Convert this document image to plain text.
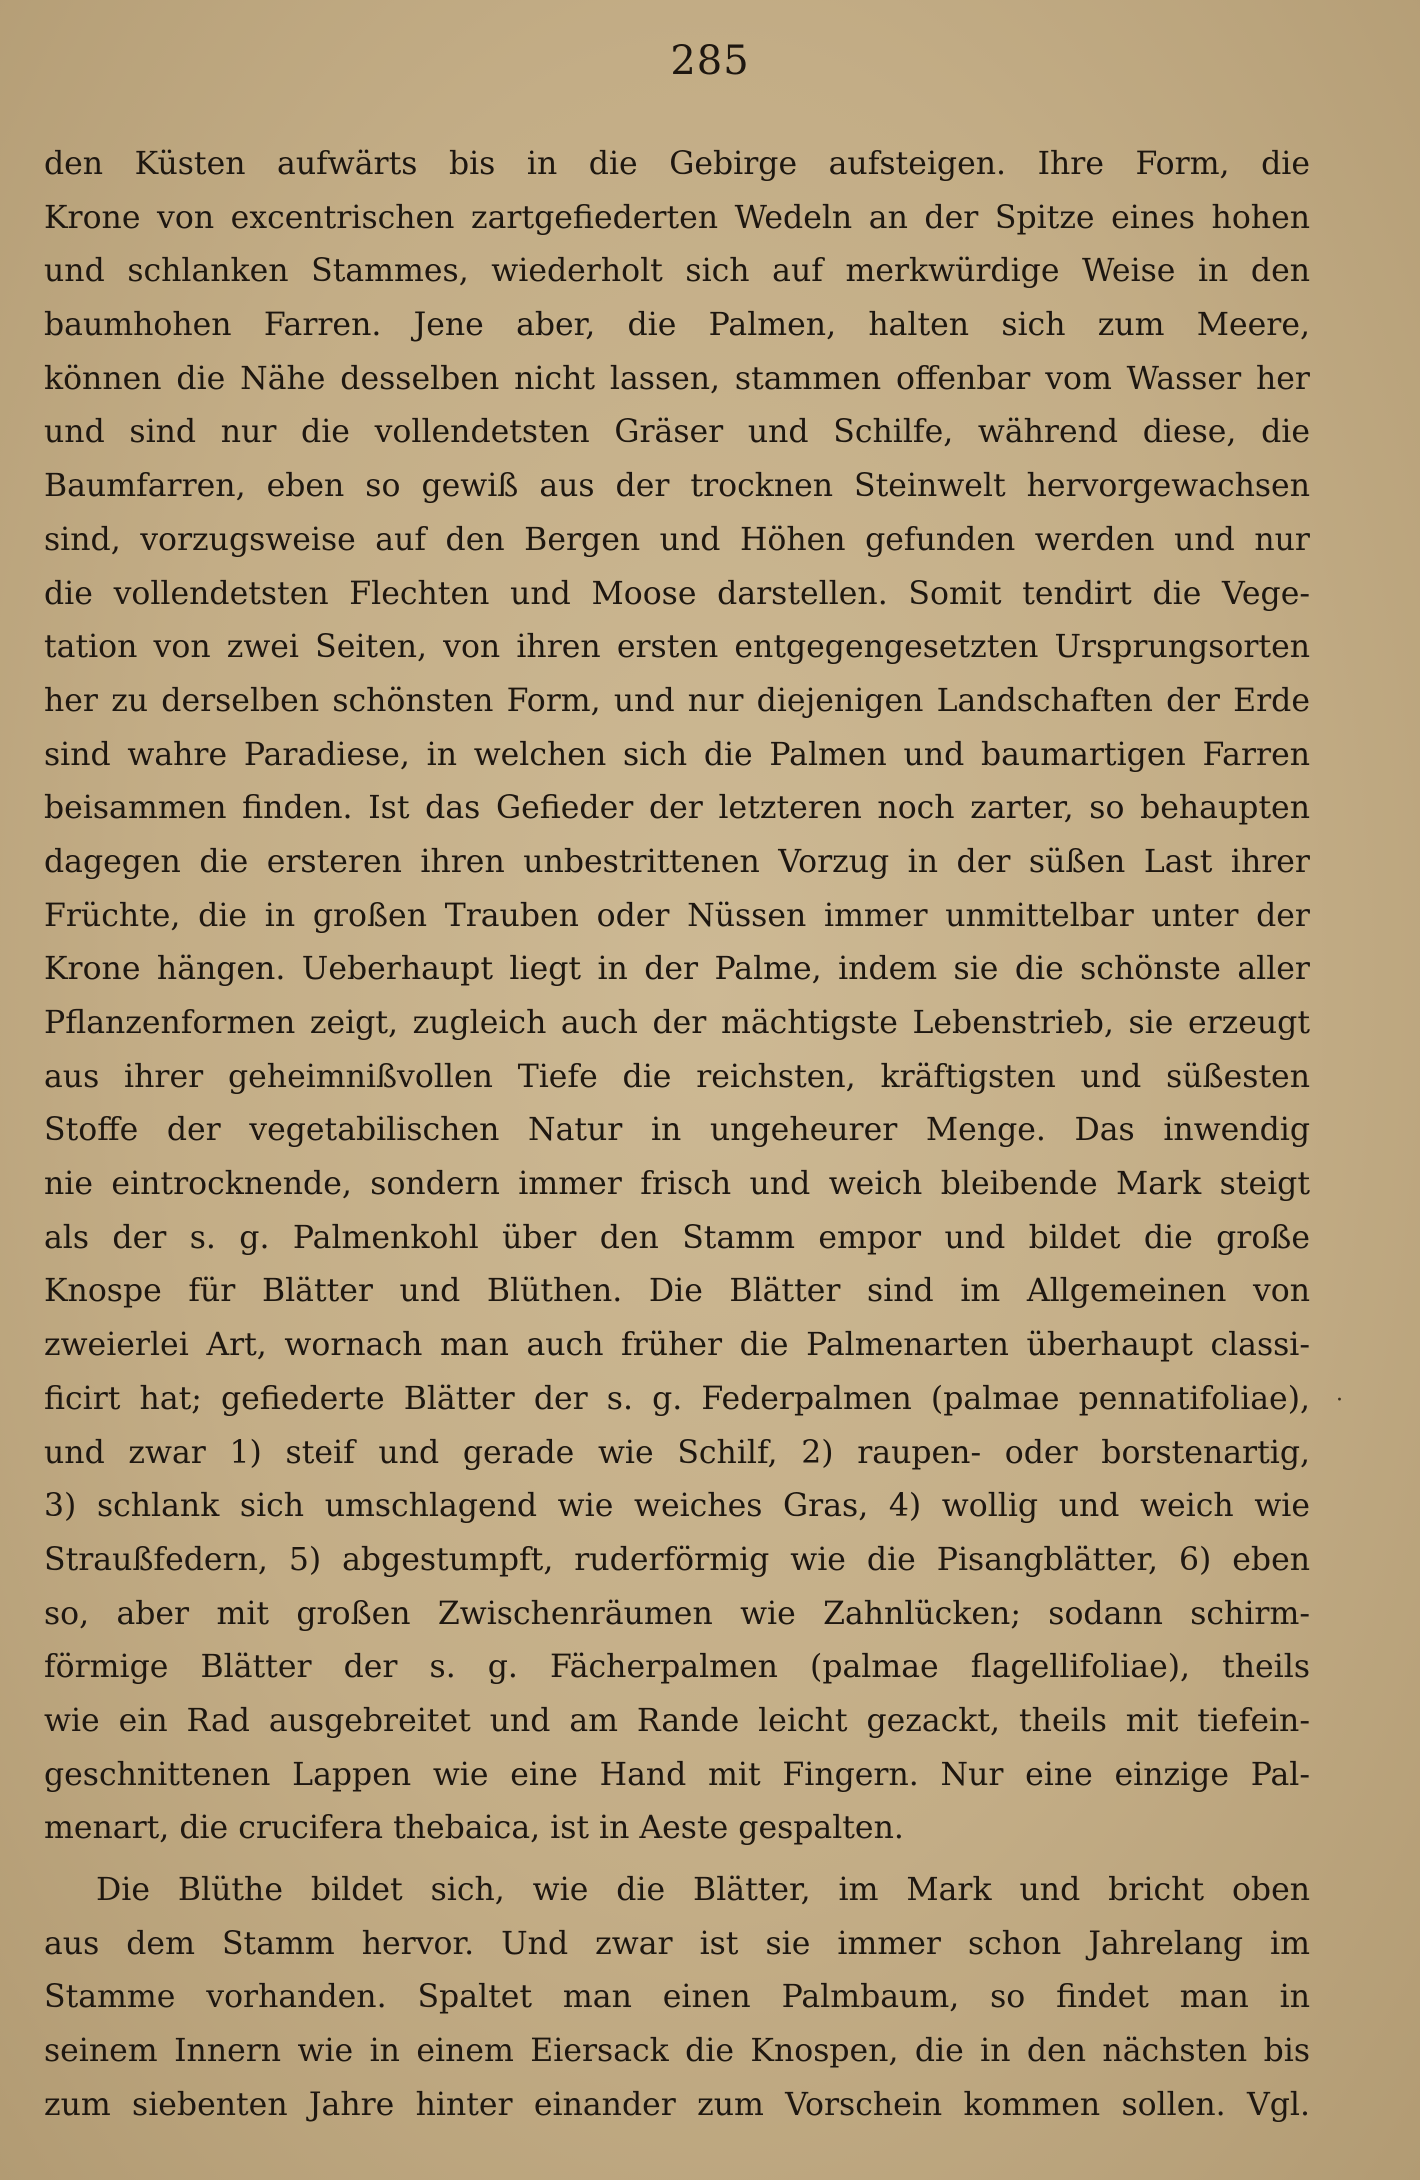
285
·
den Küsten aufwärts bis in die Gebirge aufsteigen. Ihre Form, die
Krone von excentrischen zartgefiederten Wedeln an der Spitze eines hohen
und schlanken Stammes, wiederholt sich auf merkwürdige Weise in den
baumhohen Farren. Jene aber, die Palmen, halten sich zum Meere,
können die Nähe desselben nicht lassen, stammen offenbar vom Wasser her
und sind nur die vollendetsten Gräser und Schilfe, während diese, die
Baumfarren, eben so gewiß aus der trocknen Steinwelt hervorgewachsen
sind, vorzugsweise auf den Bergen und Höhen gefunden werden und nur
die vollendetsten Flechten und Moose darstellen. Somit tendirt die Vege-
tation von zwei Seiten, von ihren ersten entgegengesetzten Ursprungsorten
her zu derselben schönsten Form, und nur diejenigen Landschaften der Erde
sind wahre Paradiese, in welchen sich die Palmen und baumartigen Farren
beisammen finden. Ist das Gefieder der letzteren noch zarter, so behaupten
dagegen die ersteren ihren unbestrittenen Vorzug in der süßen Last ihrer
Früchte, die in großen Trauben oder Nüssen immer unmittelbar unter der
Krone hängen. Ueberhaupt liegt in der Palme, indem sie die schönste aller
Pflanzenformen zeigt, zugleich auch der mächtigste Lebenstrieb, sie erzeugt
aus ihrer geheimnißvollen Tiefe die reichsten, kräftigsten und süßesten
Stoffe der vegetabilischen Natur in ungeheurer Menge. Das inwendig
nie eintrocknende, sondern immer frisch und weich bleibende Mark steigt
als der s. g. Palmenkohl über den Stamm empor und bildet die große
Knospe für Blätter und Blüthen. Die Blätter sind im Allgemeinen von
zweierlei Art, wornach man auch früher die Palmenarten überhaupt classi-
ficirt hat; gefiederte Blätter der s. g. Federpalmen (palmae pennatifoliae),
und zwar 1) steif und gerade wie Schilf, 2) raupen- oder borstenartig,
3) schlank sich umschlagend wie weiches Gras, 4) wollig und weich wie
Straußfedern, 5) abgestumpft, ruderförmig wie die Pisangblätter, 6) eben
so, aber mit großen Zwischenräumen wie Zahnlücken; sodann schirm-
förmige Blätter der s. g. Fächerpalmen (palmae flagellifoliae), theils
wie ein Rad ausgebreitet und am Rande leicht gezackt, theils mit tiefein-
geschnittenen Lappen wie eine Hand mit Fingern. Nur eine einzige Pal-
menart, die crucifera thebaica, ist in Aeste gespalten.
Die Blüthe bildet sich, wie die Blätter, im Mark und bricht oben
aus dem Stamm hervor. Und zwar ist sie immer schon Jahrelang im
Stamme vorhanden. Spaltet man einen Palmbaum, so findet man in
seinem Innern wie in einem Eiersack die Knospen, die in den nächsten bis
zum siebenten Jahre hinter einander zum Vorschein kommen sollen. Vgl.
